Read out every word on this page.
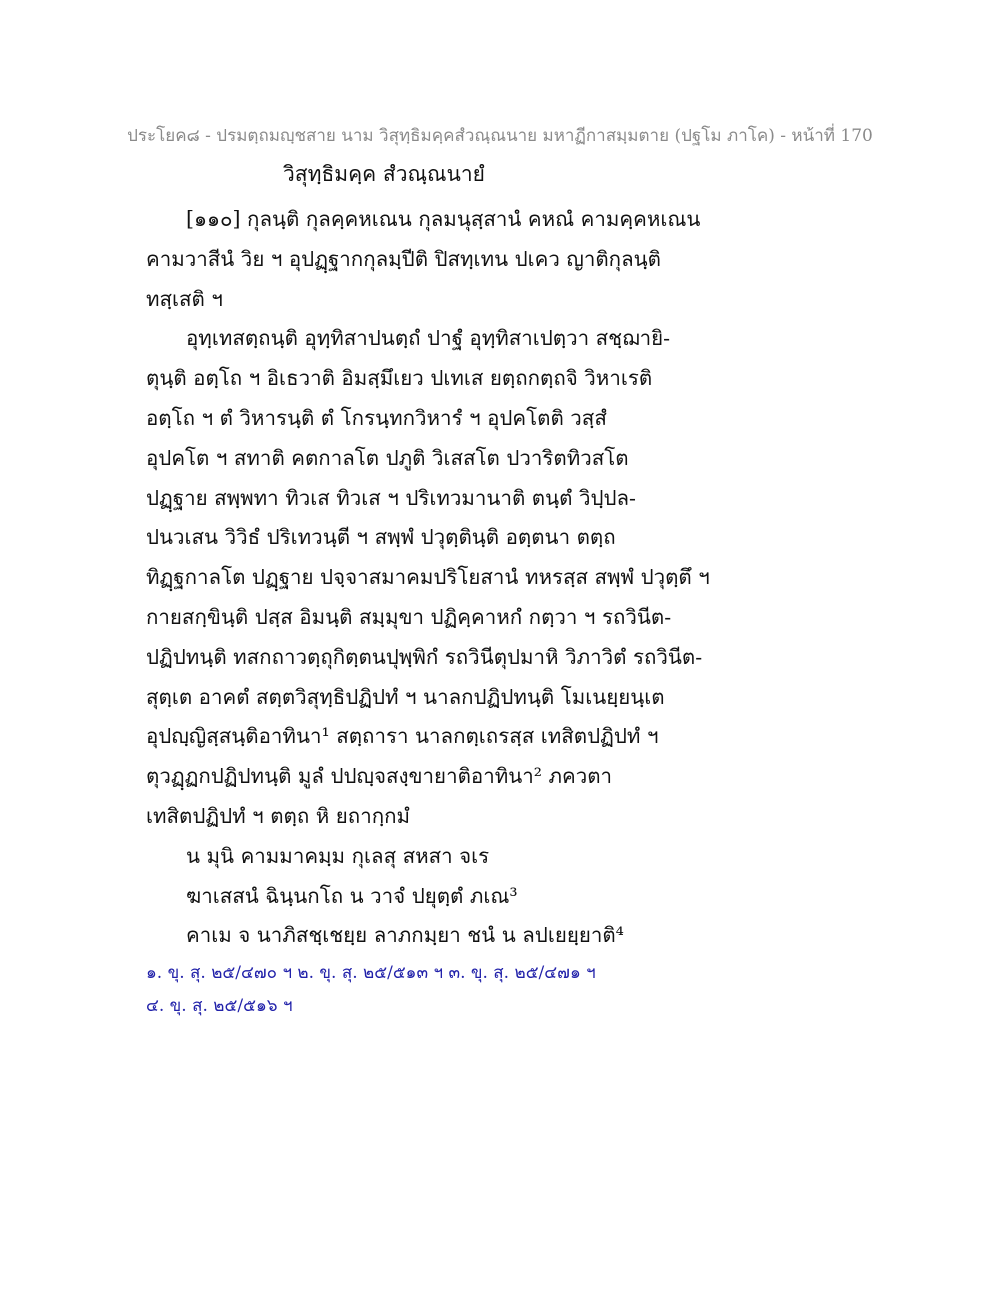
ประโยค๘ - ปรมตฺถมญฺชสาย นาม วิสุทฺธิมคฺคสํวณฺณนาย มหาฏีกาสมฺมตาย (ปฐโม ภาโค) - หน้าที่ 170
วิสุทฺธิมคฺค สํวณฺณนายํ
[๑๑๐] กุลนฺติ กุลคฺคหเณน กุลมนุสฺสานํ คหณํ คามคฺคหเณน
คามวาสีนํ วิย ฯ อุปฏฺฐากกุลมฺปีติ ปิสทฺเทน ปเคว ญาติกุลนฺติ
ทสฺเสติ ฯ
อุทฺเทสตฺถนฺติ อุทฺทิสาปนตฺถํ ปาฐํ อุทฺทิสาเปตฺวา สชฺฌายิ-
ตุนฺติ อตฺโถ ฯ อิเธวาติ อิมสฺมึเยว ปเทเส ยตฺถกตฺถจิ วิหาเรติ
อตฺโถ ฯ ตํ วิหารนฺติ ตํ โกรนฺทกวิหารํ ฯ อุปคโตติ วสฺสํ
อุปคโต ฯ สทาติ คตกาลโต ปภูติ วิเสสโต ปวาริตทิวสโต
ปฏฺฐาย สพฺพทา ทิวเส ทิวเส ฯ ปริเทวมานาติ ตนฺตํ วิปฺปล-
ปนวเสน วิวิธํ ปริเทวนฺตี ฯ สพฺพํ ปวุตฺตินฺติ อตฺตนา ตตฺถ
ทิฏฺฐกาลโต ปฏฺฐาย ปจฺจาสมาคมปริโยสานํ ทหรสฺส สพฺพํ ปวุตฺตึ ฯ
กายสกฺขินฺติ ปสฺส อิมนฺติ สมฺมุขา ปฏิคฺคาหกํ กตฺวา ฯ รถวินีต-
ปฏิปทนฺติ ทสกถาวตฺถุกิตฺตนปุพฺพิกํ รถวินีตุปมาหิ วิภาวิตํ รถวินีต-
สุตฺเต อาคตํ สตฺตวิสุทฺธิปฏิปทํ ฯ นาลกปฏิปทนฺติ โมเนยฺยนฺเต
อุปญฺญิสฺสนฺติอาทินา¹ สตฺถารา นาลกตฺเถรสฺส เทสิตปฏิปทํ ฯ
ตุวฏฺฏกปฏิปทนฺติ มูลํ ปปญฺจสงฺขายาติอาทินา² ภควตา
เทสิตปฏิปทํ ฯ ตตฺถ หิ ยถากฺกมํ
น มุนิ คามมาคมฺม กุเลสุ สหสา จเร
ฆาเสสนํ ฉินฺนกโถ น วาจํ ปยุตฺตํ ภเณ³
คาเม จ นาภิสชฺเชยฺย ลาภกมฺยา ชนํ น ลปเยยฺยาติ⁴
๑. ขุ. สุ. ๒๕/๔๗๐ ฯ ๒. ขุ. สุ. ๒๕/๕๑๓ ฯ ๓. ขุ. สุ. ๒๕/๔๗๑ ฯ
๔. ขุ. สุ. ๒๕/๕๑๖ ฯ
